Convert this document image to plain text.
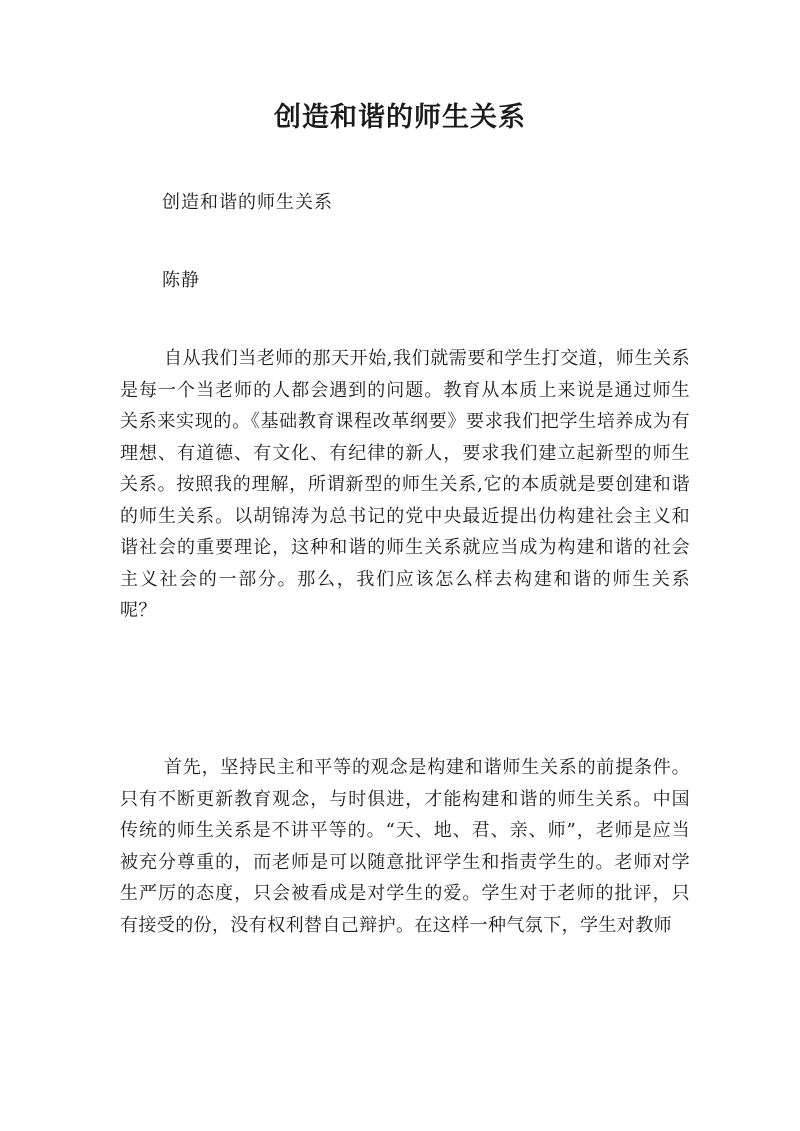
创造和谐的师生关系
创造和谐的师生关系
陈静

自从我们当老师的那天开始,我们就需要和学生打交道，师生关系是每一个当老师的人都会遇到的问题。教育从本质上来说是通过师生关系来实现的。《基础教育课程改革纲要》要求我们把学生培养成为有理想、有道德、有文化、有纪律的新人，要求我们建立起新型的师生关系。按照我的理解，所谓新型的师生关系,它的本质就是要创建和谐的师生关系。以胡锦涛为总书记的党中央最近提出仂构建社会主义和谐社会的重要理论，这种和谐的师生关系就应当成为构建和谐的社会主义社会的一部分。那么，我们应该怎么样去构建和谐的师生关系呢？

首先，坚持民主和平等的观念是构建和谐师生关系的前提条件。只有不断更新教育观念，与时俱进，才能构建和谐的师生关系。中国传统的师生关系是不讲平等的。“天、地、君、亲、师”，老师是应当被充分尊重的，而老师是可以随意批评学生和指责学生的。老师对学生严厉的态度，只会被看成是对学生的爱。学生对于老师的批评，只有接受的份，没有权利替自己辩护。在这样一种气氛下，学生对教师
